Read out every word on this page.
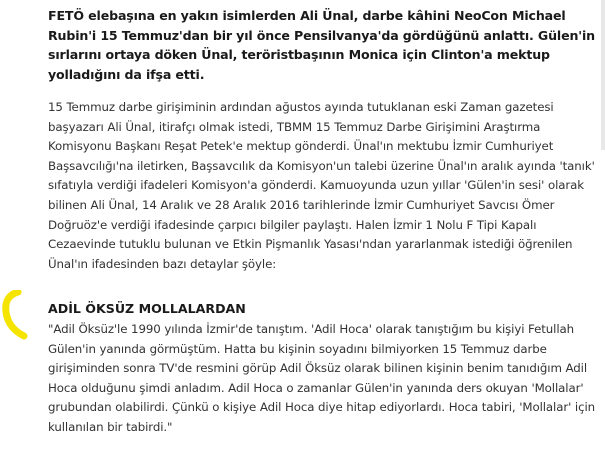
FETÖ elebaşına en yakın isimlerden Ali Ünal, darbe kâhini NeoCon Michael Rubin'i 15 Temmuz'dan bir yıl önce Pensilvanya'da gördüğünü anlattı. Gülen'in sırlarını ortaya döken Ünal, teröristbaşının Monica için Clinton'a mektup yolladığını da ifşa etti.

15 Temmuz darbe girişiminin ardından ağustos ayında tutuklanan eski Zaman gazetesi başyazarı Ali Ünal, itirafçı olmak istedi, TBMM 15 Temmuz Darbe Girişimini Araştırma Komisyonu Başkanı Reşat Petek'e mektup gönderdi. Ünal'ın mektubu İzmir Cumhuriyet Başsavcılığı'na iletirken, Başsavcılık da Komisyon'un talebi üzerine Ünal'ın aralık ayında 'tanık' sıfatıyla verdiği ifadeleri Komisyon'a gönderdi. Kamuoyunda uzun yıllar 'Gülen'in sesi' olarak bilinen Ali Ünal, 14 Aralık ve 28 Aralık 2016 tarihlerinde İzmir Cumhuriyet Savcısı Ömer Doğruöz'e verdiği ifadesinde çarpıcı bilgiler paylaştı. Halen İzmir 1 Nolu F Tipi Kapalı Cezaevinde tutuklu bulunan ve Etkin Pişmanlık Yasası'ndan yararlanmak istediği öğrenilen Ünal'ın ifadesinden bazı detaylar şöyle:

ADİL ÖKSÜZ MOLLALARDAN

"Adil Öksüz'le 1990 yılında İzmir'de tanıştım. 'Adil Hoca' olarak tanıştığım bu kişiyi Fetullah Gülen'in yanında görmüştüm. Hatta bu kişinin soyadını bilmiyorken 15 Temmuz darbe girişiminden sonra TV'de resmini görüp Adil Öksüz olarak bilinen kişinin benim tanıdığım Adil Hoca olduğunu şimdi anladım. Adil Hoca o zamanlar Gülen'in yanında ders okuyan 'Mollalar' grubundan olabilirdi. Çünkü o kişiye Adil Hoca diye hitap ediyorlardı. Hoca tabiri, 'Mollalar' için kullanılan bir tabirdi."
